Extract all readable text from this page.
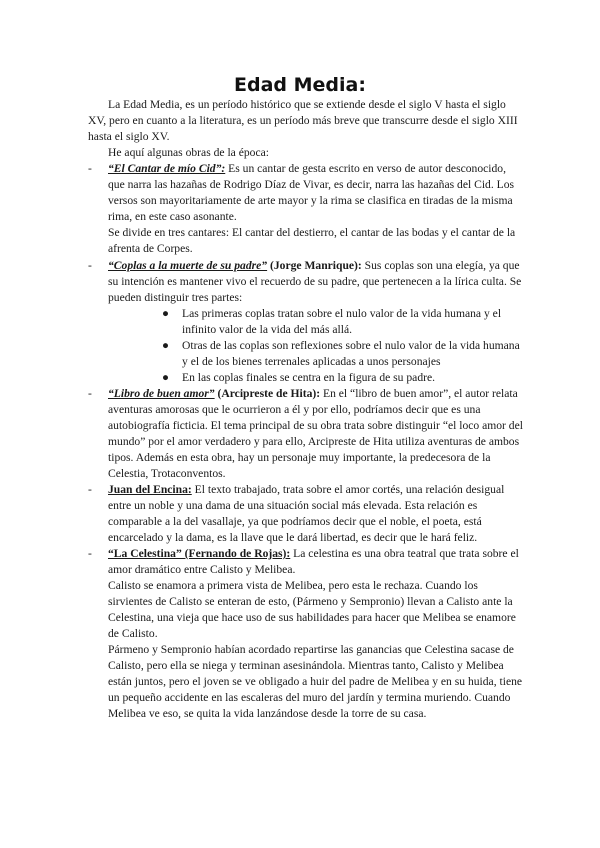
Edad Media:

La Edad Media, es un período histórico que se extiende desde el siglo V hasta el siglo XV, pero en cuanto a la literatura, es un período más breve que transcurre desde el siglo XIII hasta el siglo XV.

He aquí algunas obras de la época:

- “El Cantar de mío Cid”: Es un cantar de gesta escrito en verso de autor desconocido, que narra las hazañas de Rodrigo Díaz de Vivar, es decir, narra las hazañas del Cid. Los versos son mayoritariamente de arte mayor y la rima se clasifica en tiradas de la misma rima, en este caso asonante.
Se divide en tres cantares: El cantar del destierro, el cantar de las bodas y el cantar de la afrenta de Corpes.
- “Coplas a la muerte de su padre” (Jorge Manrique): Sus coplas son una elegía, ya que su intención es mantener vivo el recuerdo de su padre, que pertenecen a la lírica culta. Se pueden distinguir tres partes:
● Las primeras coplas tratan sobre el nulo valor de la vida humana y el infinito valor de la vida del más allá.
● Otras de las coplas son reflexiones sobre el nulo valor de la vida humana y el de los bienes terrenales aplicadas a unos personajes
● En las coplas finales se centra en la figura de su padre.
- “Libro de buen amor” (Arcipreste de Hita): En el “libro de buen amor”, el autor relata aventuras amorosas que le ocurrieron a él y por ello, podríamos decir que es una autobiografía ficticia. El tema principal de su obra trata sobre distinguir “el loco amor del mundo” por el amor verdadero y para ello, Arcipreste de Hita utiliza aventuras de ambos tipos. Además en esta obra, hay un personaje muy importante, la predecesora de la Celestia, Trotaconventos.
- Juan del Encina: El texto trabajado, trata sobre el amor cortés, una relación desigual entre un noble y una dama de una situación social más elevada. Esta relación es comparable a la del vasallaje, ya que podríamos decir que el noble, el poeta, está encarcelado y la dama, es la llave que le dará libertad, es decir que le hará feliz.
- “La Celestina” (Fernando de Rojas): La celestina es una obra teatral que trata sobre el amor dramático entre Calisto y Melibea.
Calisto se enamora a primera vista de Melibea, pero esta le rechaza. Cuando los sirvientes de Calisto se enteran de esto, (Pármeno y Sempronio) llevan a Calisto ante la Celestina, una vieja que hace uso de sus habilidades para hacer que Melibea se enamore de Calisto.
Pármeno y Sempronio habían acordado repartirse las ganancias que Celestina sacase de Calisto, pero ella se niega y terminan asesinándola. Mientras tanto, Calisto y Melibea están juntos, pero el joven se ve obligado a huir del padre de Melibea y en su huida, tiene un pequeño accidente en las escaleras del muro del jardín y termina muriendo. Cuando Melibea ve eso, se quita la vida lanzándose desde la torre de su casa.
